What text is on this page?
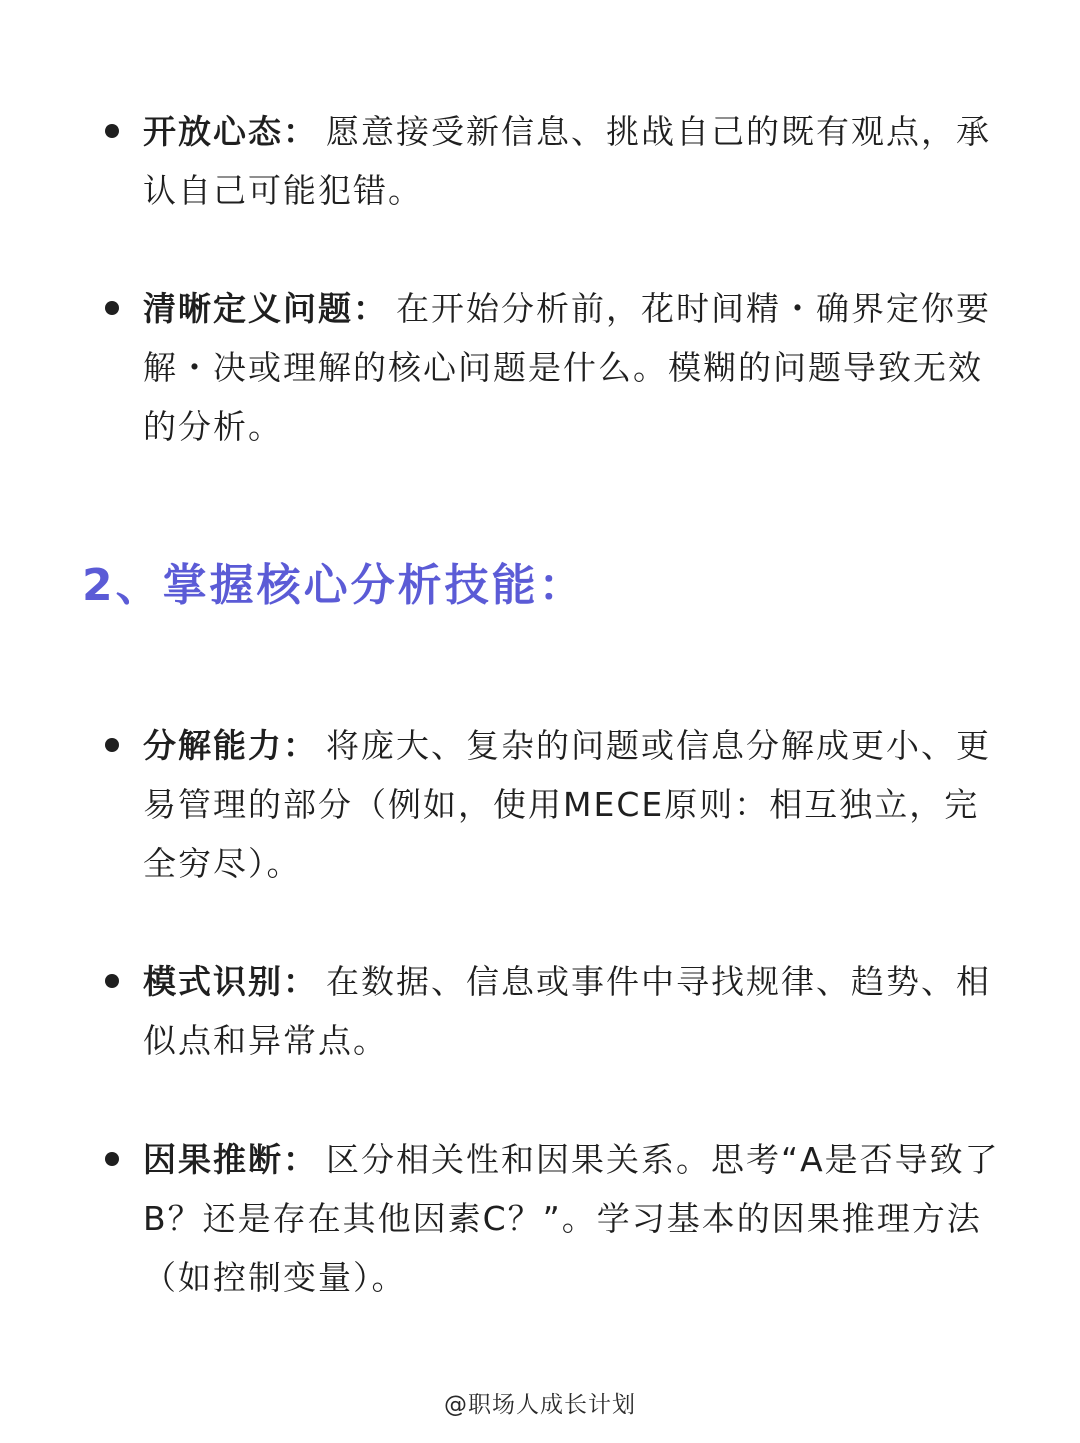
开放心态： 愿意接受新信息、挑战自己的既有观点，承认自己可能犯错。
清晰定义问题： 在开始分析前，花时间精・确界定你要解・决或理解的核心问题是什么。模糊的问题导致无效的分析。
2、掌握核心分析技能：
分解能力： 将庞大、复杂的问题或信息分解成更小、更易管理的部分（例如，使用MECE原则：相互独立，完全穷尽）。
模式识别： 在数据、信息或事件中寻找规律、趋势、相似点和异常点。
因果推断： 区分相关性和因果关系。思考“A是否导致了B？还是存在其他因素C？”。学习基本的因果推理方法（如控制变量）。
@职场人成长计划
